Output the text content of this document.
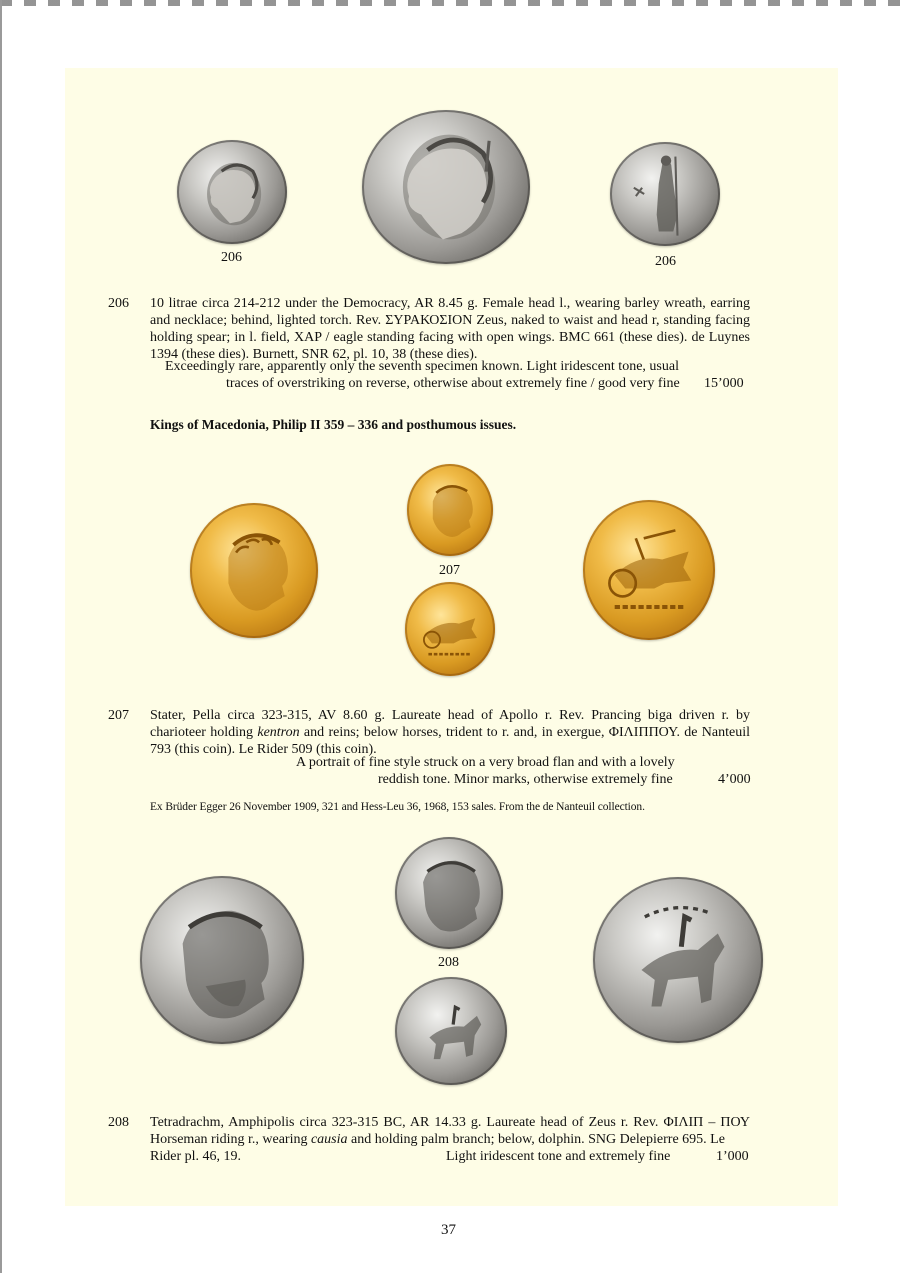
206	206
206 10 litrae circa 214-212 under the Democracy, AR 8.45 g. Female head l., wearing barley wreath, earring and necklace; behind, lighted torch. Rev. ΣΥΡΑΚΟΣΙΟΝ Zeus, naked to waist and head r, standing facing holding spear; in l. field, XAP / eagle standing facing with open wings. BMC 661 (these dies). de Luynes 1394 (these dies). Burnett, SNR 62, pl. 10, 38 (these dies).

Exceedingly rare, apparently only the seventh specimen known. Light iridescent tone, usual
traces of overstriking on reverse, otherwise about extremely fine / good very fine 15’000
Kings of Macedonia, Philip II 359 – 336 and posthumous issues.
207
207 Stater, Pella circa 323-315, AV 8.60 g. Laureate head of Apollo r. Rev. Prancing biga driven r. by charioteer holding kentron and reins; below horses, trident to r. and, in exergue, ΦΙΛΙΠΠΟΥ. de Nanteuil 793 (this coin). Le Rider 509 (this coin).

A portrait of fine style struck on a very broad flan and with a lovely
reddish tone. Minor marks, otherwise extremely fine	4’000
Ex Brüder Egger 26 November 1909, 321 and Hess-Leu 36, 1968, 153 sales. From the de Nanteuil collection.
208
208 Tetradrachm, Amphipolis circa 323-315 BC, AR 14.33 g. Laureate head of Zeus r. Rev. ΦΙΛΙΠ – ΠΟΥ Horseman riding r., wearing causia and holding palm branch; below, dolphin. SNG Delepierre 695. Le

Rider pl. 46, 19.	Light iridescent tone and extremely fine	1’000
37
